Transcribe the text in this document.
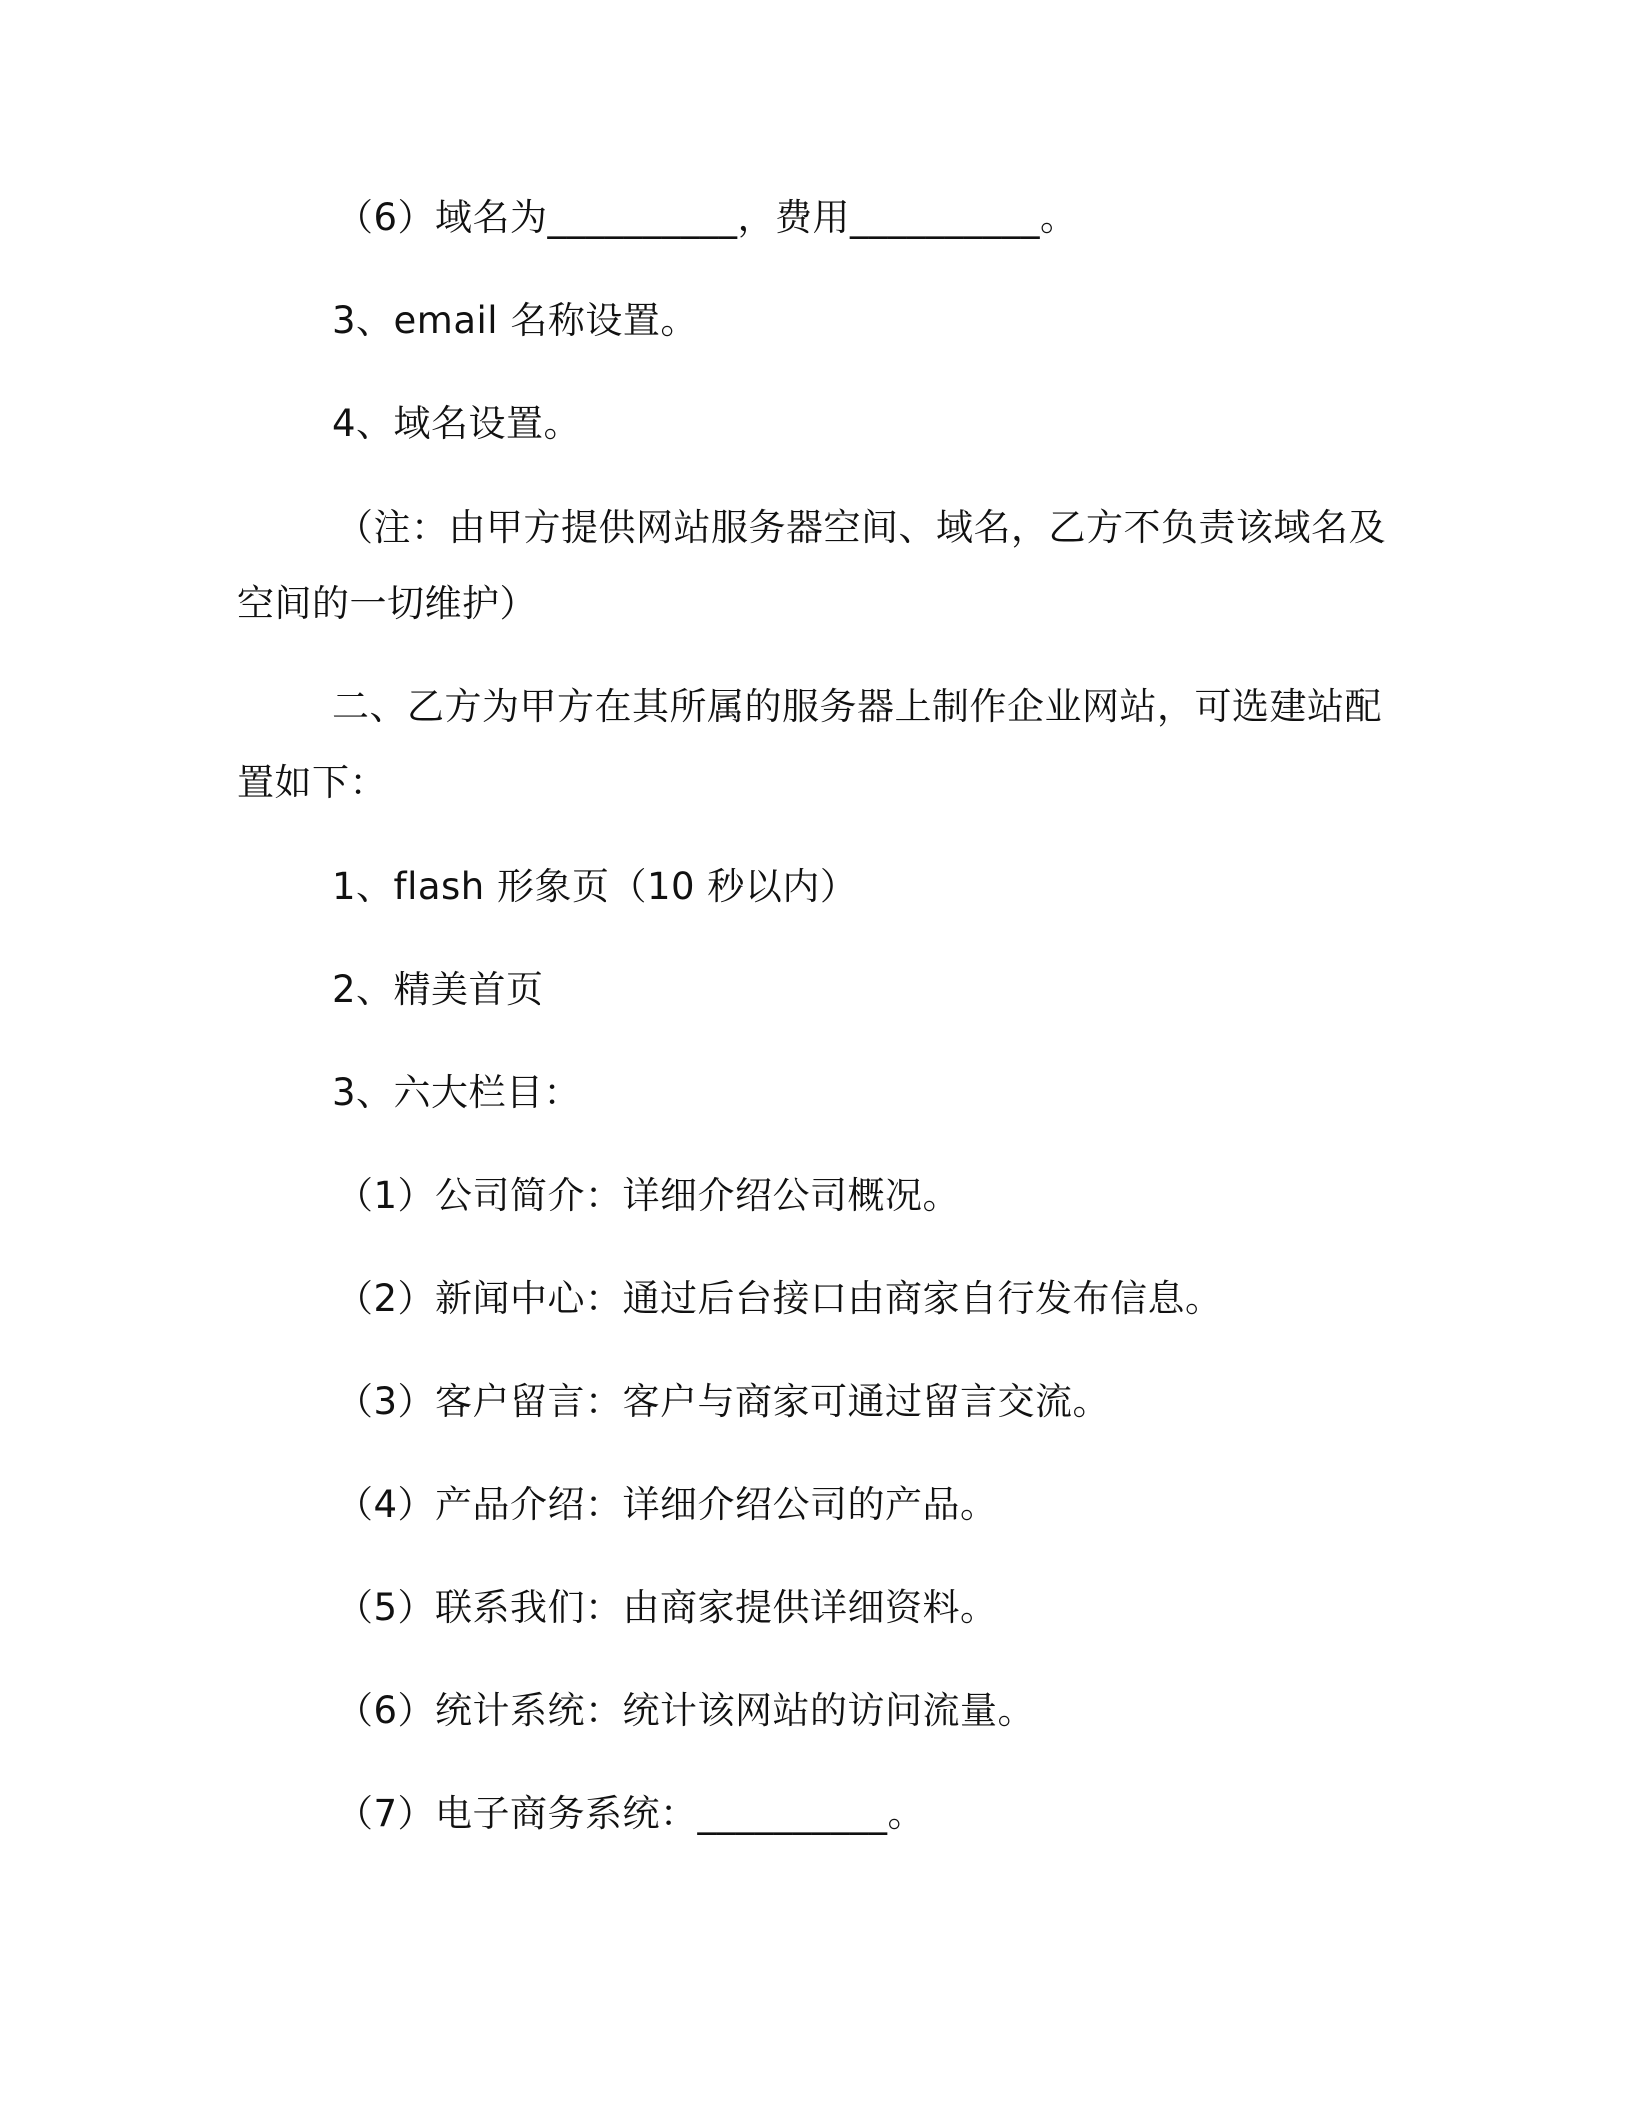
（6）域名为__________，费用__________。
3、email 名称设置。
4、域名设置。
（注：由甲方提供网站服务器空间、域名，乙方不负责该域名及
空间的一切维护）
二、乙方为甲方在其所属的服务器上制作企业网站，可选建站配
置如下：
1、flash 形象页（10 秒以内）
2、精美首页
3、六大栏目：
（1）公司简介：详细介绍公司概况。
（2）新闻中心：通过后台接口由商家自行发布信息。
（3）客户留言：客户与商家可通过留言交流。
（4）产品介绍：详细介绍公司的产品。
（5）联系我们：由商家提供详细资料。
（6）统计系统：统计该网站的访问流量。
（7）电子商务系统：__________。
